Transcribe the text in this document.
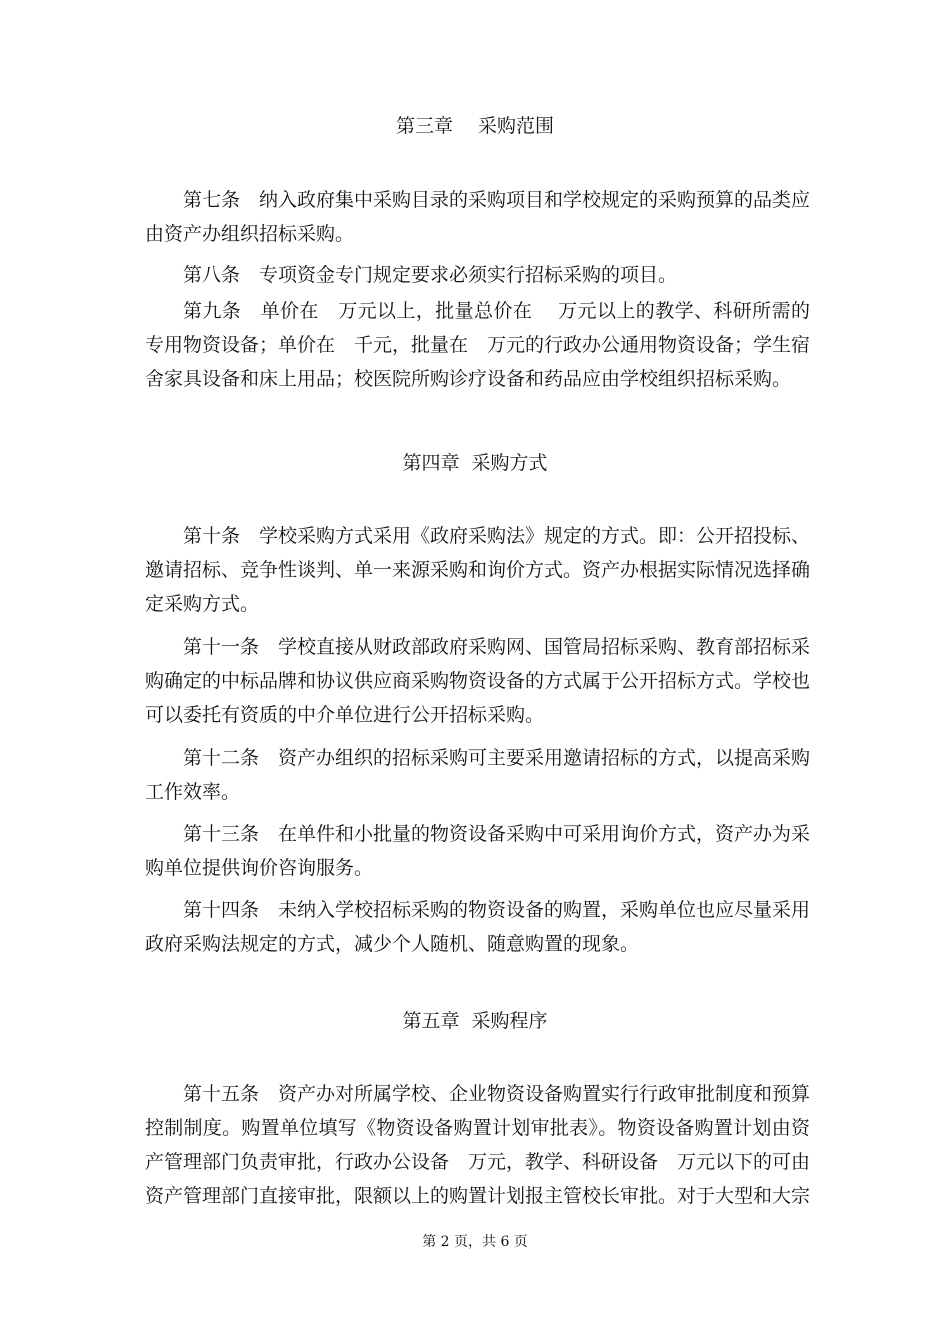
第三章　 采购范围

第七条　纳入政府集中采购目录的采购项目和学校规定的采购预算的品类应由资产办组织招标采购。

第八条　专项资金专门规定要求必须实行招标采购的项目。

第九条　单价在　万元以上，批量总价在　 万元以上的教学、科研所需的专用物资设备；单价在　千元，批量在　万元的行政办公通用物资设备；学生宿舍家具设备和床上用品；校医院所购诊疗设备和药品应由学校组织招标采购。

第四章  采购方式

第十条　学校采购方式采用《政府采购法》规定的方式。即：公开招投标、邀请招标、竞争性谈判、单一来源采购和询价方式。资产办根据实际情况选择确定采购方式。

第十一条　学校直接从财政部政府采购网、国管局招标采购、教育部招标采购确定的中标品牌和协议供应商采购物资设备的方式属于公开招标方式。学校也可以委托有资质的中介单位进行公开招标采购。

第十二条　资产办组织的招标采购可主要采用邀请招标的方式，以提高采购工作效率。

第十三条　在单件和小批量的物资设备采购中可采用询价方式，资产办为采购单位提供询价咨询服务。

第十四条　未纳入学校招标采购的物资设备的购置，采购单位也应尽量采用政府采购法规定的方式，减少个人随机、随意购置的现象。

第五章  采购程序

第十五条　资产办对所属学校、企业物资设备购置实行行政审批制度和预算控制制度。购置单位填写《物资设备购置计划审批表》。物资设备购置计划由资产管理部门负责审批，行政办公设备　万元，教学、科研设备　万元以下的可由资产管理部门直接审批，限额以上的购置计划报主管校长审批。对于大型和大宗

第 2 页，共 6 页
